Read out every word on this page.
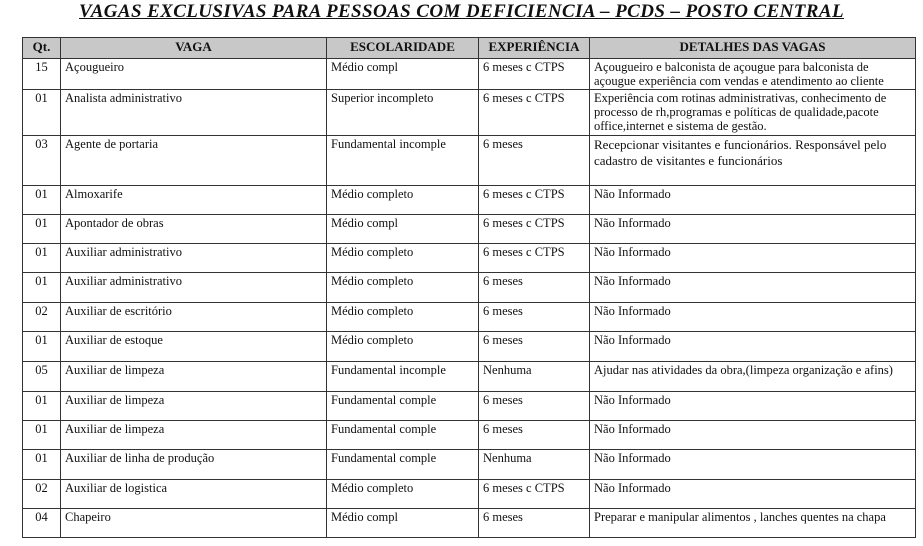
VAGAS EXCLUSIVAS PARA PESSOAS COM DEFICIENCIA – PCDS – POSTO CENTRAL
Qt.	VAGA	ESCOLARIDADE	EXPERIÊNCIA	DETALHES DAS VAGAS
15	Açougueiro	Médio compl	6 meses c CTPS	Açougueiro e balconista de açougue para balconista de açougue experiência com vendas e atendimento ao cliente
01	Analista administrativo	Superior incompleto	6 meses c CTPS	Experiência com rotinas administrativas, conhecimento de processo de rh,programas e políticas de qualidade,pacote office,internet e sistema de gestão.
03	Agente de portaria	Fundamental incomple	6 meses	Recepcionar visitantes e funcionários. Responsável pelo cadastro de visitantes e funcionários
01	Almoxarife	Médio completo	6 meses c CTPS	Não Informado
01	Apontador de obras	Médio compl	6 meses c CTPS	Não Informado
01	Auxiliar administrativo	Médio completo	6 meses c CTPS	Não Informado
01	Auxiliar administrativo	Médio completo	6 meses	Não Informado
02	Auxiliar de escritório	Médio completo	6 meses	Não Informado
01	Auxiliar de estoque	Médio completo	6 meses	Não Informado
05	Auxiliar de limpeza	Fundamental incomple	Nenhuma	Ajudar nas atividades da obra,(limpeza organização e afins)
01	Auxiliar de limpeza	Fundamental comple	6 meses	Não Informado
01	Auxiliar de limpeza	Fundamental comple	6 meses	Não Informado
01	Auxiliar de linha de produção	Fundamental comple	Nenhuma	Não Informado
02	Auxiliar de logistica	Médio completo	6 meses c CTPS	Não Informado
04	Chapeiro	Médio compl	6 meses	Preparar e manipular alimentos , lanches quentes na chapa
